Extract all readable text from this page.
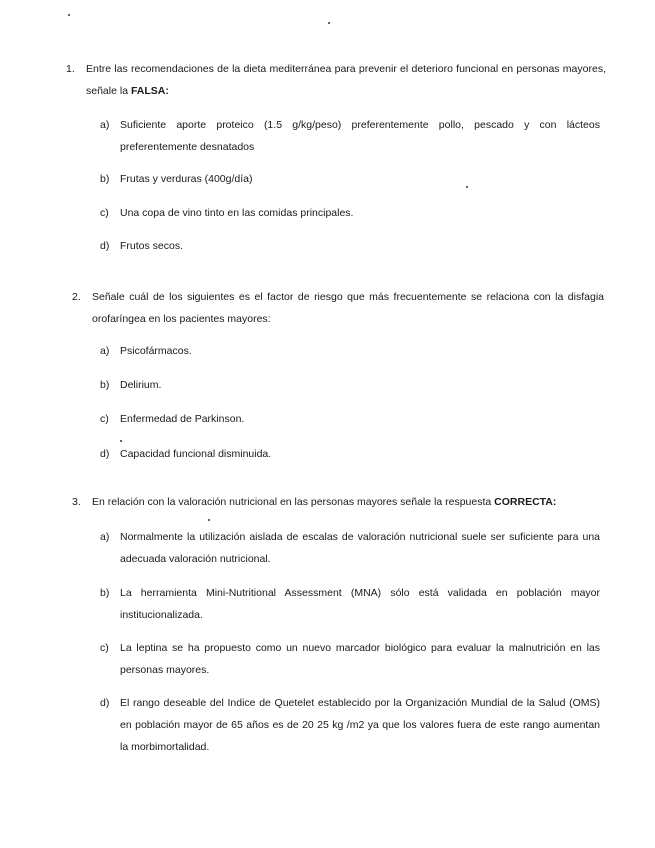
1.	Entre las recomendaciones de la dieta mediterránea para prevenir el deterioro funcional en personas mayores, señale la FALSA:
a)	Suficiente aporte proteico (1.5 g/kg/peso) preferentemente pollo, pescado y con lácteos preferentemente desnatados
b)	Frutas y verduras (400g/día)
c)	Una copa de vino tinto en las comidas principales.
d)	Frutos secos.
2.	Señale cuál de los siguientes es el factor de riesgo que más frecuentemente se relaciona con la disfagia orofaríngea en los pacientes mayores:
a)	Psicofármacos.
b)	Delirium.
c)	Enfermedad de Parkinson.
d)	Capacidad funcional disminuida.
3.	En relación con la valoración nutricional en las personas mayores señale la respuesta CORRECTA:
a)	Normalmente la utilización aislada de escalas de valoración nutricional suele ser suficiente para una adecuada valoración nutricional.
b)	La herramienta Mini-Nutritional Assessment (MNA) sólo está validada en población mayor institucionalizada.
c)	La leptina se ha propuesto como un nuevo marcador biológico para evaluar la malnutrición en las personas mayores.
d)	El rango deseable del Indice de Quetelet establecido por la Organización Mundial de la Salud (OMS) en población mayor de 65 años es de 20 25 kg /m2 ya que los valores fuera de este rango aumentan la morbimortalidad.
